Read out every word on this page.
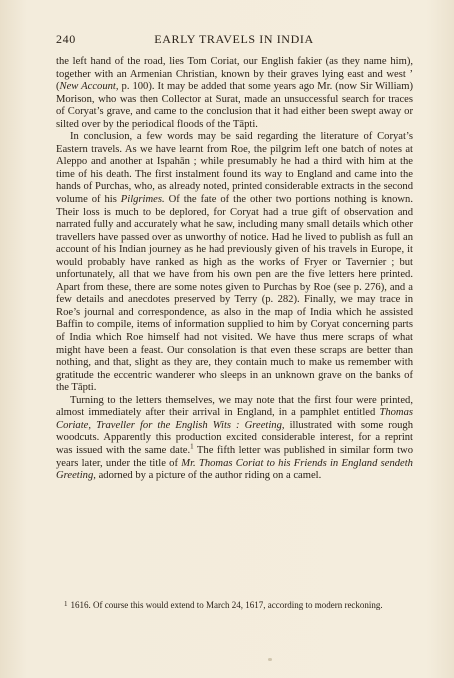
240	EARLY TRAVELS IN INDIA

the left hand of the road, lies Tom Coriat, our English fakier (as they name him), together with an Armenian Christian, known by their graves lying east and west ’ (New Account, p. 100). It may be added that some years ago Mr. (now Sir William) Morison, who was then Collector at Surat, made an unsuccessful search for traces of Coryat’s grave, and came to the conclusion that it had either been swept away or silted over by the periodical floods of the Tāpti.

In conclusion, a few words may be said regarding the literature of Coryat’s Eastern travels. As we have learnt from Roe, the pilgrim left one batch of notes at Aleppo and another at Ispahān ; while presumably he had a third with him at the time of his death. The first instalment found its way to England and came into the hands of Purchas, who, as already noted, printed considerable extracts in the second volume of his Pilgrimes. Of the fate of the other two portions nothing is known. Their loss is much to be deplored, for Coryat had a true gift of observation and narrated fully and accurately what he saw, including many small details which other travellers have passed over as unworthy of notice. Had he lived to publish as full an account of his Indian journey as he had previously given of his travels in Europe, it would probably have ranked as high as the works of Fryer or Tavernier ; but unfortunately, all that we have from his own pen are the five letters here printed. Apart from these, there are some notes given to Purchas by Roe (see p. 276), and a few details and anecdotes preserved by Terry (p. 282). Finally, we may trace in Roe’s journal and correspondence, as also in the map of India which he assisted Baffin to compile, items of information supplied to him by Coryat concerning parts of India which Roe himself had not visited. We have thus mere scraps of what might have been a feast. Our consolation is that even these scraps are better than nothing, and that, slight as they are, they contain much to make us remember with gratitude the eccentric wanderer who sleeps in an unknown grave on the banks of the Tāpti.

Turning to the letters themselves, we may note that the first four were printed, almost immediately after their arrival in England, in a pamphlet entitled Thomas Coriate, Traveller for the English Wits : Greeting, illustrated with some rough woodcuts. Apparently this production excited considerable interest, for a reprint was issued with the same date.$^1$ The fifth letter was published in similar form two years later, under the title of Mr. Thomas Coriat to his Friends in England sendeth Greeting, adorned by a picture of the author riding on a camel.

$^1$ 1616. Of course this would extend to March 24, 1617, according to modern reckoning.
